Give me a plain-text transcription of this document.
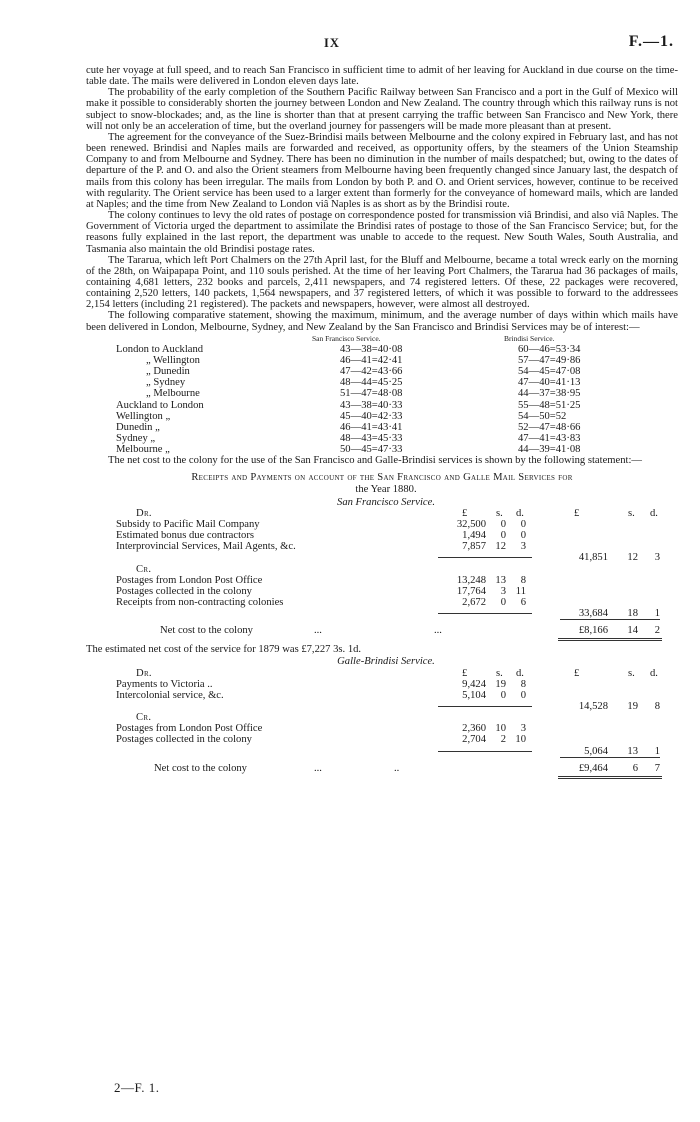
IX	F.—1.

cute her voyage at full speed, and to reach San Francisco in sufficient time to admit of her leaving for Auckland in due course on the time-table date. The mails were delivered in London eleven days late.

The probability of the early completion of the Southern Pacific Railway between San Francisco and a port in the Gulf of Mexico will make it possible to considerably shorten the journey between London and New Zealand. The country through which this railway runs is not subject to snow-blockades; and, as the line is shorter than that at present carrying the traffic between San Francisco and New York, there will not only be an acceleration of time, but the overland journey for passengers will be made more pleasant than at present.

The agreement for the conveyance of the Suez-Brindisi mails between Melbourne and the colony expired in February last, and has not been renewed. Brindisi and Naples mails are forwarded and received, as opportunity offers, by the steamers of the Union Steamship Company to and from Melbourne and Sydney. There has been no diminution in the number of mails despatched; but, owing to the dates of departure of the P. and O. and also the Orient steamers from Melbourne having been frequently changed since January last, the despatch of mails from this colony has been irregular. The mails from London by both P. and O. and Orient services, however, continue to be received with regularity. The Orient service has been used to a larger extent than formerly for the conveyance of homeward mails, which are landed at Naples; and the time from New Zealand to London viâ Naples is as short as by the Brindisi route.

The colony continues to levy the old rates of postage on correspondence posted for transmission viâ Brindisi, and also viâ Naples. The Government of Victoria urged the department to assimilate the Brindisi rates of postage to those of the San Francisco Service; but, for the reasons fully explained in the last report, the department was unable to accede to the request. New South Wales, South Australia, and Tasmania also maintain the old Brindisi postage rates.

The Tararua, which left Port Chalmers on the 27th April last, for the Bluff and Melbourne, became a total wreck early on the morning of the 28th, on Waipapapa Point, and 110 souls perished. At the time of her leaving Port Chalmers, the Tararua had 36 packages of mails, containing 4,681 letters, 232 books and parcels, 2,411 newspapers, and 74 registered letters. Of these, 22 packages were recovered, containing 2,520 letters, 140 packets, 1,564 newspapers, and 37 registered letters, of which it was possible to forward to the addressees 2,154 letters (including 21 registered). The packets and newspapers, however, were almost all destroyed.

The following comparative statement, showing the maximum, minimum, and the average number of days within which mails have been delivered in London, Melbourne, Sydney, and New Zealand by the San Francisco and Brindisi Services may be of interest:—

San Francisco Service.	Brindisi Service.
London to Auckland	43—38=40·08	60—46=53·34
„ Wellington	46—41=42·41	57—47=49·86
„ Dunedin	47—42=43·66	54—45=47·08
„ Sydney	48—44=45·25	47—40=41·13
„ Melbourne	51—47=48·08	44—37=38·95
Auckland to London	43—38=40·33	55—48=51·25
Wellington „	45—40=42·33	54—50=52
Dunedin „	46—41=43·41	52—47=48·66
Sydney „	48—43=45·33	47—41=43·83
Melbourne „	50—45=47·33	44—39=41·08

The net cost to the colony for the use of the San Francisco and Galle-Brindisi services is shown by the following statement:—

Receipts and Payments on account of the San Francisco and Galle Mail Services for
the Year 1880.
San Francisco Service.
Dr.	£	s. d.	£	s. d.
Subsidy to Pacific Mail Company	32,500 0 0
Estimated bonus due contractors	1,494 0 0
Interprovincial Services, Mail Agents, &c.	7,857 12 3
41,851 12 3
Cr.
Postages from London Post Office	13,248 13 8
Postages collected in the colony	17,764 3 11
Receipts from non-contracting colonies	2,672 0 6
33,684 18 1
Net cost to the colony	...	...	£8,166 14 2
The estimated net cost of the service for 1879 was £7,227 3s. 1d.
Galle-Brindisi Service.
Dr.	£	s. d.	£	s. d.
Payments to Victoria ..	9,424 19 8
Intercolonial service, &c.	5,104 0 0
14,528 19 8
Cr.
Postages from London Post Office	2,360 10 3
Postages collected in the colony	2,704 2 10
5,064 13 1
Net cost to the colony	...	..	£9,464 6 7
2—F. 1.
